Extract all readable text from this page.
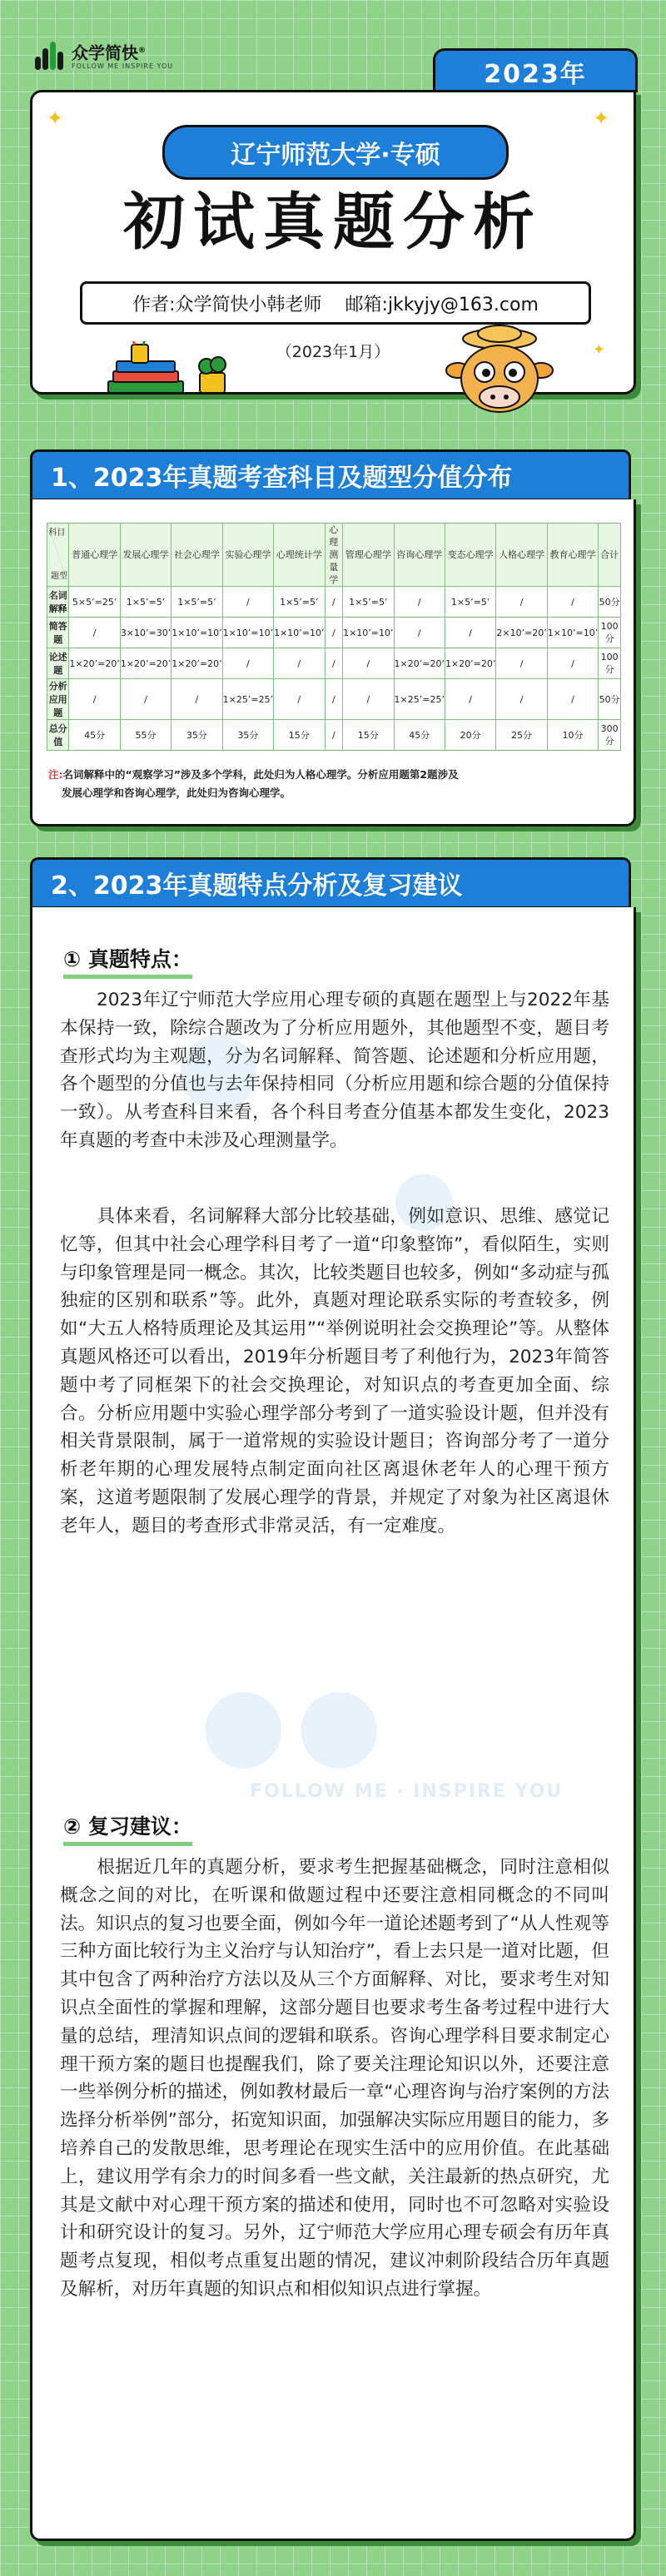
众学简快®
FOLLOW ME INSPIRE YOU	2023年
✦	✦
✦
辽宁师范大学·专硕
初试真题分析
作者:众学简快小韩老师 邮箱:jkkyjy@163.com
（2023年1月）
1、2023年真题考查科目及题型分值分布
科目
题型	普通心理学	发展心理学	社会心理学	实验心理学	心理统计学	心理测量学	管理心理学	咨询心理学	变态心理学	人格心理学	教育心理学	合计
名词解释	5×5’=25’	1×5’=5’	1×5’=5’	/	1×5’=5’	/	1×5’=5’	/	1×5’=5’	/	/	50分
简答题	/	3×10’=30’	1×10’=10’	1×10’=10’	1×10’=10’	/	1×10’=10’	/	/	2×10’=20’	1×10’=10’	100分
论述题	1×20’=20’	1×20’=20’	1×20’=20’	/	/	/	/	1×20’=20’	1×20’=20’	/	/	100分
分析应用题	/	/	/	1×25’=25’	/	/	/	1×25’=25’	/	/	/	50分
总分值	45分	55分	35分	35分	15分	/	15分	45分	20分	25分	10分	300分
注:名词解释中的“观察学习”涉及多个学科，此处归为人格心理学。分析应用题第2题涉及
发展心理学和咨询心理学，此处归为咨询心理学。
2、2023年真题特点分析及复习建议
① 真题特点：
2023年辽宁师范大学应用心理专硕的真题在题型上与2022年基本保持一致，除综合题改为了分析应用题外，其他题型不变，题目考查形式均为主观题，分为名词解释、简答题、论述题和分析应用题，各个题型的分值也与去年保持相同（分析应用题和综合题的分值保持一致）。从考查科目来看，各个科目考查分值基本都发生变化，2023年真题的考查中未涉及心理测量学。
具体来看，名词解释大部分比较基础，例如意识、思维、感觉记忆等，但其中社会心理学科目考了一道“印象整饰”，看似陌生，实则与印象管理是同一概念。其次，比较类题目也较多，例如“多动症与孤独症的区别和联系”等。此外，真题对理论联系实际的考查较多，例如“大五人格特质理论及其运用”“举例说明社会交换理论”等。从整体真题风格还可以看出，2019年分析题目考了利他行为，2023年简答题中考了同框架下的社会交换理论，对知识点的考查更加全面、综合。分析应用题中实验心理学部分考到了一道实验设计题，但并没有相关背景限制，属于一道常规的实验设计题目；咨询部分考了一道分析老年期的心理发展特点制定面向社区离退休老年人的心理干预方案，这道考题限制了发展心理学的背景，并规定了对象为社区离退休老年人，题目的考查形式非常灵活，有一定难度。
② 复习建议：
根据近几年的真题分析，要求考生把握基础概念，同时注意相似概念之间的对比，在听课和做题过程中还要注意相同概念的不同叫法。知识点的复习也要全面，例如今年一道论述题考到了“从人性观等三种方面比较行为主义治疗与认知治疗”，看上去只是一道对比题，但其中包含了两种治疗方法以及从三个方面解释、对比，要求考生对知识点全面性的掌握和理解，这部分题目也要求考生备考过程中进行大量的总结，理清知识点间的逻辑和联系。咨询心理学科目要求制定心理干预方案的题目也提醒我们，除了要关注理论知识以外，还要注意一些举例分析的描述，例如教材最后一章“心理咨询与治疗案例的方法选择分析举例”部分，拓宽知识面，加强解决实际应用题目的能力，多培养自己的发散思维，思考理论在现实生活中的应用价值。在此基础上，建议用学有余力的时间多看一些文献，关注最新的热点研究，尤其是文献中对心理干预方案的描述和使用，同时也不可忽略对实验设计和研究设计的复习。另外，辽宁师范大学应用心理专硕会有历年真题考点复现，相似考点重复出题的情况，建议冲刺阶段结合历年真题及解析，对历年真题的知识点和相似知识点进行掌握。
